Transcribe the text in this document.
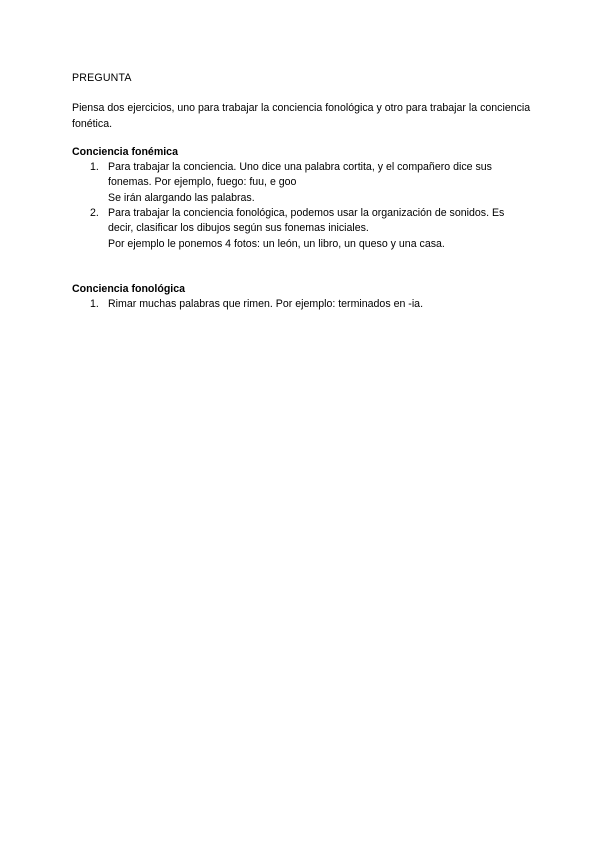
PREGUNTA
Piensa dos ejercicios, uno para trabajar la conciencia fonológica y otro para trabajar la conciencia fonética.
Conciencia fonémica
1. Para trabajar la conciencia. Uno dice una palabra cortita, y el compañero dice sus
fonemas. Por ejemplo, fuego: fuu, e goo
Se irán alargando las palabras.
2. Para trabajar la conciencia fonológica, podemos usar la organización de sonidos. Es
decir, clasificar los dibujos según sus fonemas iniciales.
Por ejemplo le ponemos 4 fotos: un león, un libro, un queso y una casa.
Conciencia fonológica
1. Rimar muchas palabras que rimen. Por ejemplo: terminados en -ia.
